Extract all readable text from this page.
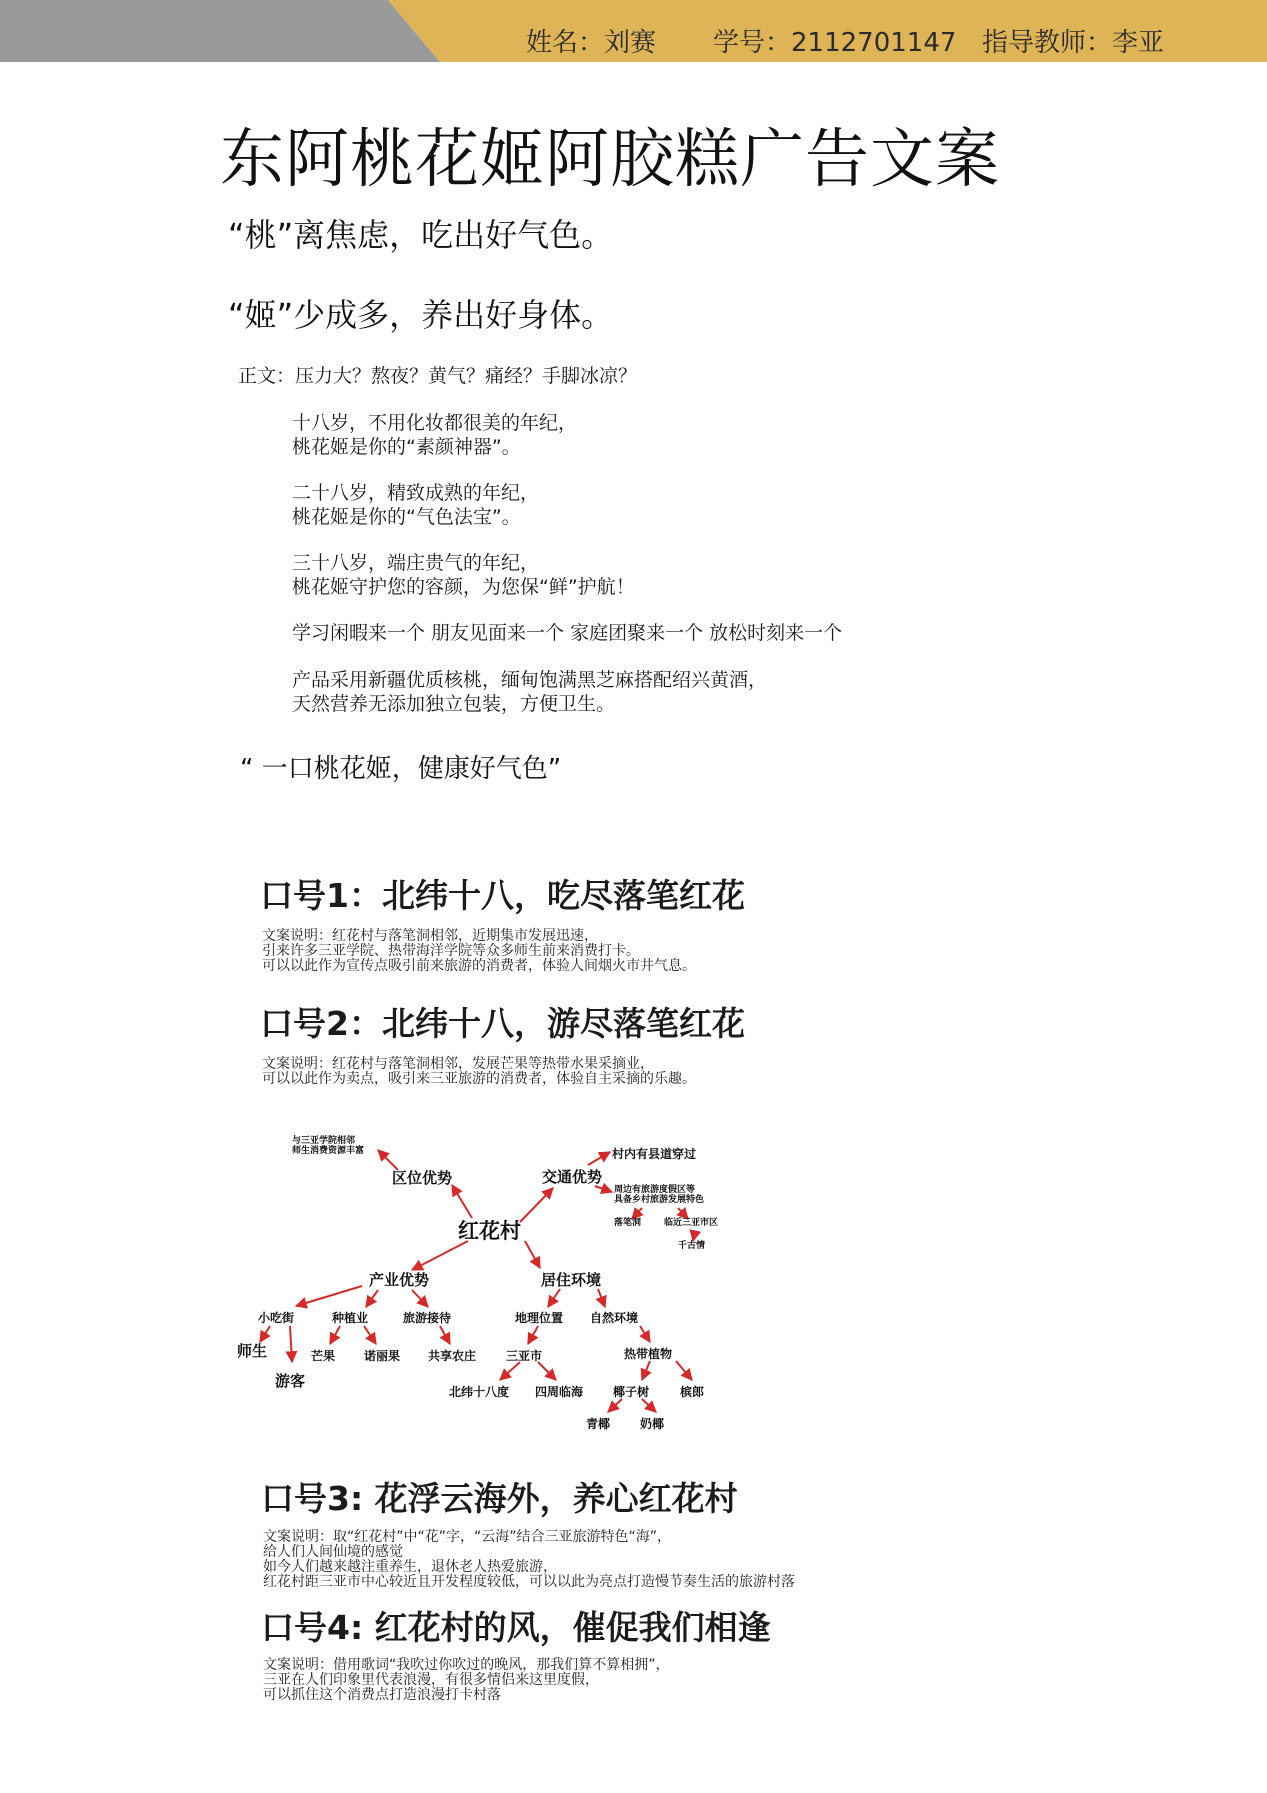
姓名：刘赛 学号：2112701147 指导教师：李亚
东阿桃花姬阿胶糕广告文案
“桃”离焦虑，吃出好气色。
“姬”少成多，养出好身体。
正文：压力大？熬夜？黄气？痛经？手脚冰凉？
十八岁，不用化妆都很美的年纪，
桃花姬是你的“素颜神器”。
二十八岁，精致成熟的年纪，
桃花姬是你的“气色法宝”。
三十八岁，端庄贵气的年纪，
桃花姬守护您的容颜，为您保“鲜”护航！
学习闲暇来一个 朋友见面来一个 家庭团聚来一个 放松时刻来一个
产品采用新疆优质核桃，缅甸饱满黑芝麻搭配绍兴黄酒，
天然营养无添加独立包装，方便卫生。
“ 一口桃花姬，健康好气色”
口号1：北纬十八，吃尽落笔红花
文案说明：红花村与落笔洞相邻，近期集市发展迅速，
引来许多三亚学院、热带海洋学院等众多师生前来消费打卡。
可以以此作为宣传点吸引前来旅游的消费者，体验人间烟火市井气息。
口号2：北纬十八，游尽落笔红花
文案说明：红花村与落笔洞相邻，发展芒果等热带水果采摘业，
可以以此作为卖点，吸引来三亚旅游的消费者，体验自主采摘的乐趣。
与三亚学院相邻
师生消费资源丰富
区位优势	交通优势
村内有县道穿过
周边有旅游度假区等
具备乡村旅游发展特色
落笔洞	临近三亚市区
千古情
红花村
产业优势	居住环境
小吃街	种植业	旅游接待	地理位置 自然环境
师生	芒果 诺丽果 共享农庄 三亚市	热带植物
游客
北纬十八度 四周临海 椰子树	槟郎
青椰 奶椰
口号3: 花浮云海外，养心红花村
文案说明：取“红花村”中“花”字，“云海”结合三亚旅游特色“海”，
给人们人间仙境的感觉
如今人们越来越注重养生，退休老人热爱旅游，
红花村距三亚市中心较近且开发程度较低，可以以此为亮点打造慢节奏生活的旅游村落
口号4: 红花村的风，催促我们相逢
文案说明：借用歌词“我吹过你吹过的晚风，那我们算不算相拥”，
三亚在人们印象里代表浪漫，有很多情侣来这里度假，
可以抓住这个消费点打造浪漫打卡村落
